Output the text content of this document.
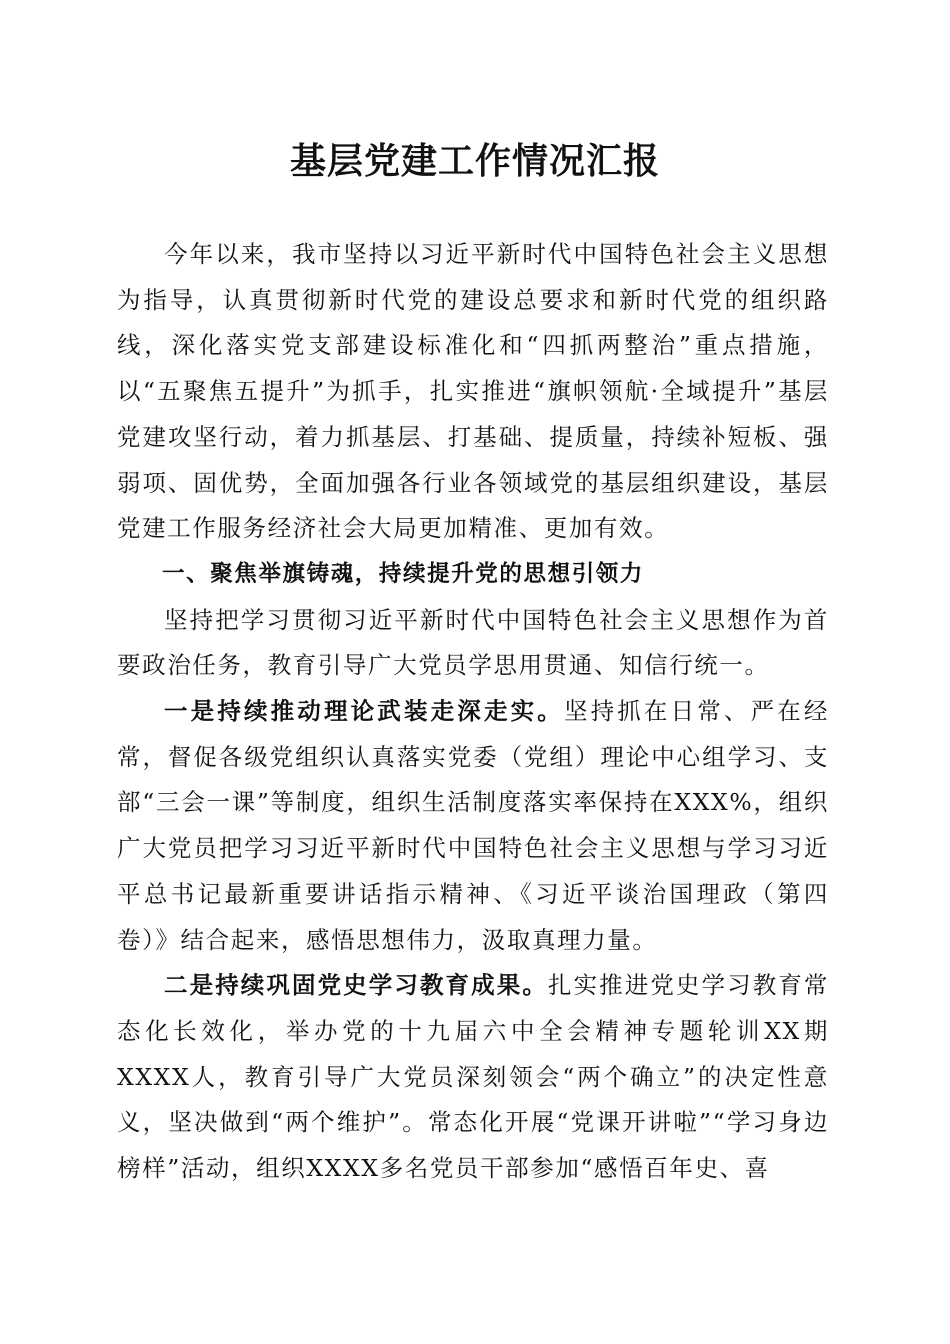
基层党建工作情况汇报

今年以来，我市坚持以习近平新时代中国特色社会主义思想为指导，认真贯彻新时代党的建设总要求和新时代党的组织路线，深化落实党支部建设标准化和“四抓两整治”重点措施，以“五聚焦五提升”为抓手，扎实推进“旗帜领航·全域提升”基层党建攻坚行动，着力抓基层、打基础、提质量，持续补短板、强弱项、固优势，全面加强各行业各领域党的基层组织建设，基层党建工作服务经济社会大局更加精准、更加有效。

一、聚焦举旗铸魂，持续提升党的思想引领力

坚持把学习贯彻习近平新时代中国特色社会主义思想作为首要政治任务，教育引导广大党员学思用贯通、知信行统一。

一是持续推动理论武装走深走实。坚持抓在日常、严在经常，督促各级党组织认真落实党委（党组）理论中心组学习、支部“三会一课”等制度，组织生活制度落实率保持在XXX%，组织广大党员把学习习近平新时代中国特色社会主义思想与学习习近平总书记最新重要讲话指示精神、《习近平谈治国理政（第四卷）》结合起来，感悟思想伟力，汲取真理力量。

二是持续巩固党史学习教育成果。扎实推进党史学习教育常态化长效化，举办党的十九届六中全会精神专题轮训XX期XXXX人，教育引导广大党员深刻领会“两个确立”的决定性意义，坚决做到“两个维护”。常态化开展“党课开讲啦”“学习身边榜样”活动，组织XXXX多名党员干部参加“感悟百年史、喜
